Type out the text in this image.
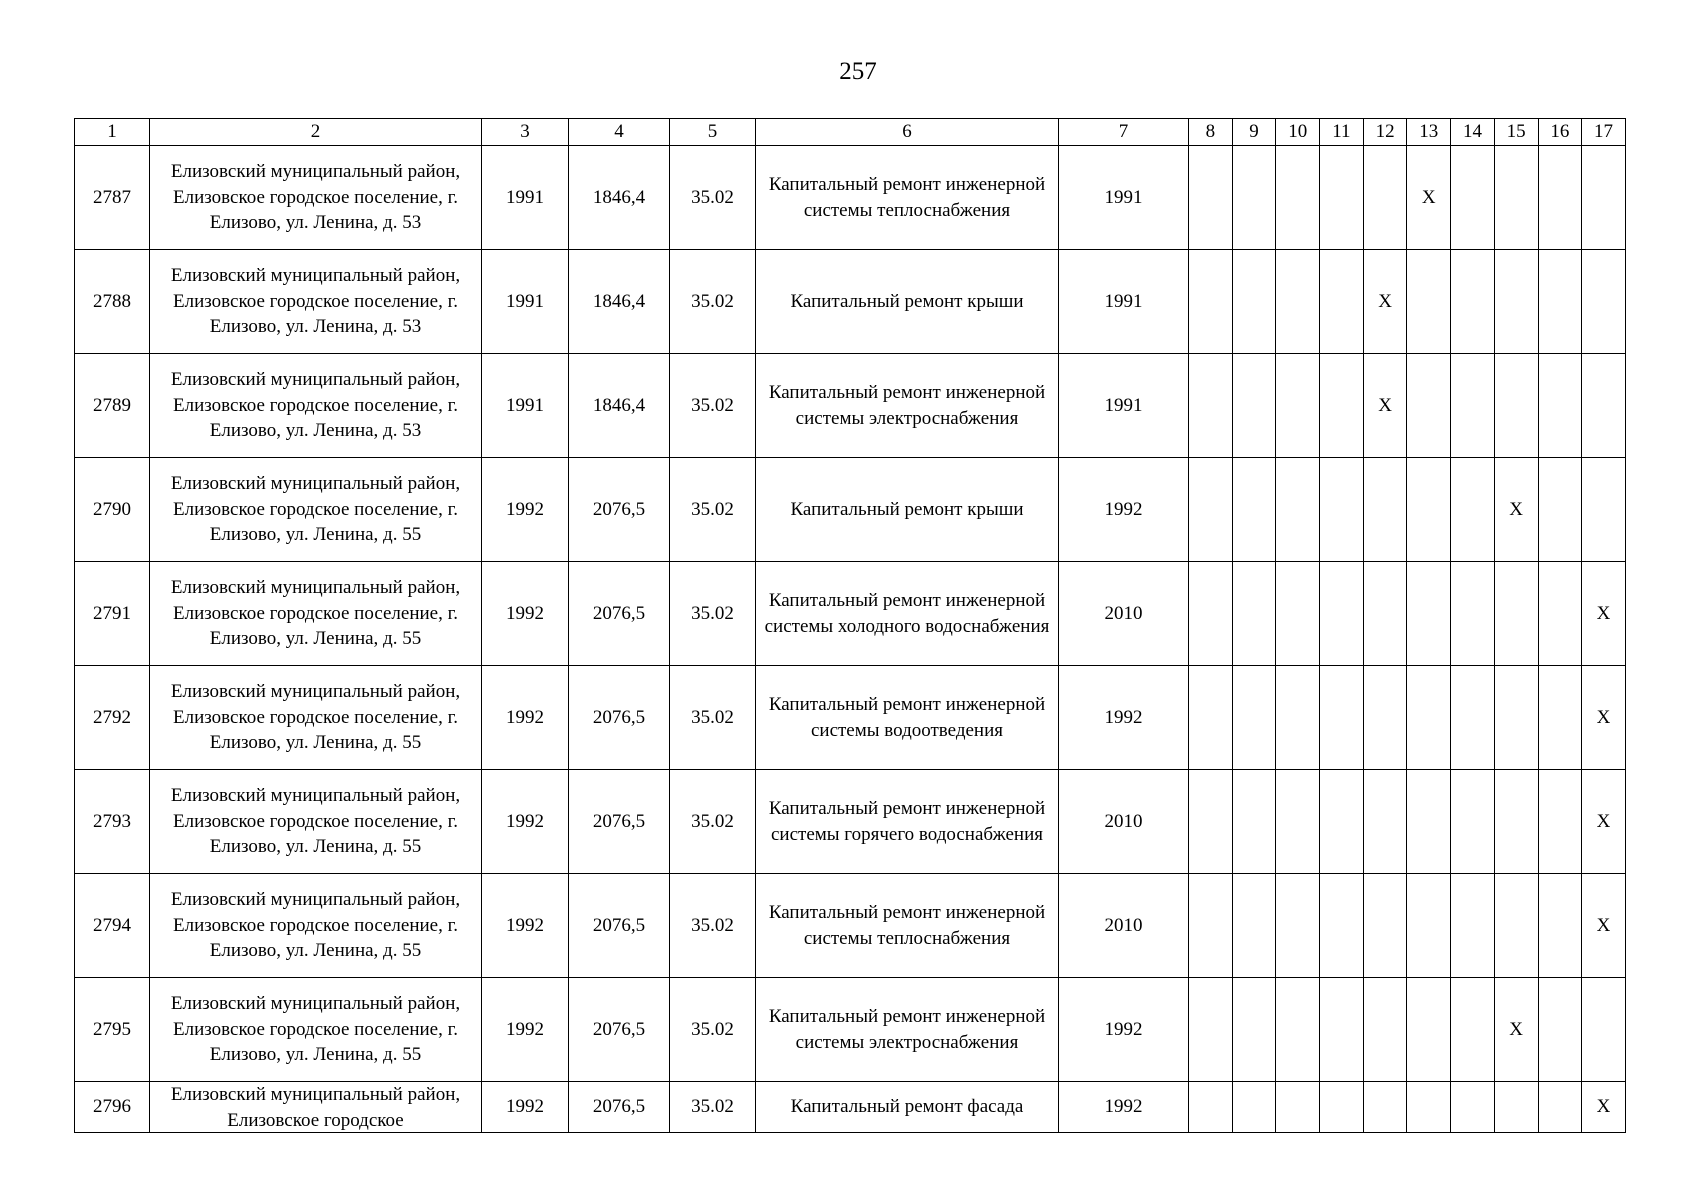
257
1	2	3	4	5	6	7	8	9	10	11	12	13	14	15	16	17
2787	Елизовский муниципальный район, Елизовское городское поселение, г. Елизово, ул. Ленина, д. 53	1991	1846,4	35.02	Капитальный ремонт инженерной системы теплоснабжения	1991						X				
2788	Елизовский муниципальный район, Елизовское городское поселение, г. Елизово, ул. Ленина, д. 53	1991	1846,4	35.02	Капитальный ремонт крыши	1991					X					
2789	Елизовский муниципальный район, Елизовское городское поселение, г. Елизово, ул. Ленина, д. 53	1991	1846,4	35.02	Капитальный ремонт инженерной системы электроснабжения	1991					X					
2790	Елизовский муниципальный район, Елизовское городское поселение, г. Елизово, ул. Ленина, д. 55	1992	2076,5	35.02	Капитальный ремонт крыши	1992								X		
2791	Елизовский муниципальный район, Елизовское городское поселение, г. Елизово, ул. Ленина, д. 55	1992	2076,5	35.02	Капитальный ремонт инженерной системы холодного водоснабжения	2010										X
2792	Елизовский муниципальный район, Елизовское городское поселение, г. Елизово, ул. Ленина, д. 55	1992	2076,5	35.02	Капитальный ремонт инженерной системы водоотведения	1992										X
2793	Елизовский муниципальный район, Елизовское городское поселение, г. Елизово, ул. Ленина, д. 55	1992	2076,5	35.02	Капитальный ремонт инженерной системы горячего водоснабжения	2010										X
2794	Елизовский муниципальный район, Елизовское городское поселение, г. Елизово, ул. Ленина, д. 55	1992	2076,5	35.02	Капитальный ремонт инженерной системы теплоснабжения	2010										X
2795	Елизовский муниципальный район, Елизовское городское поселение, г. Елизово, ул. Ленина, д. 55	1992	2076,5	35.02	Капитальный ремонт инженерной системы электроснабжения	1992								X		
2796	Елизовский муниципальный район, Елизовское городское	1992	2076,5	35.02	Капитальный ремонт фасада	1992										X
